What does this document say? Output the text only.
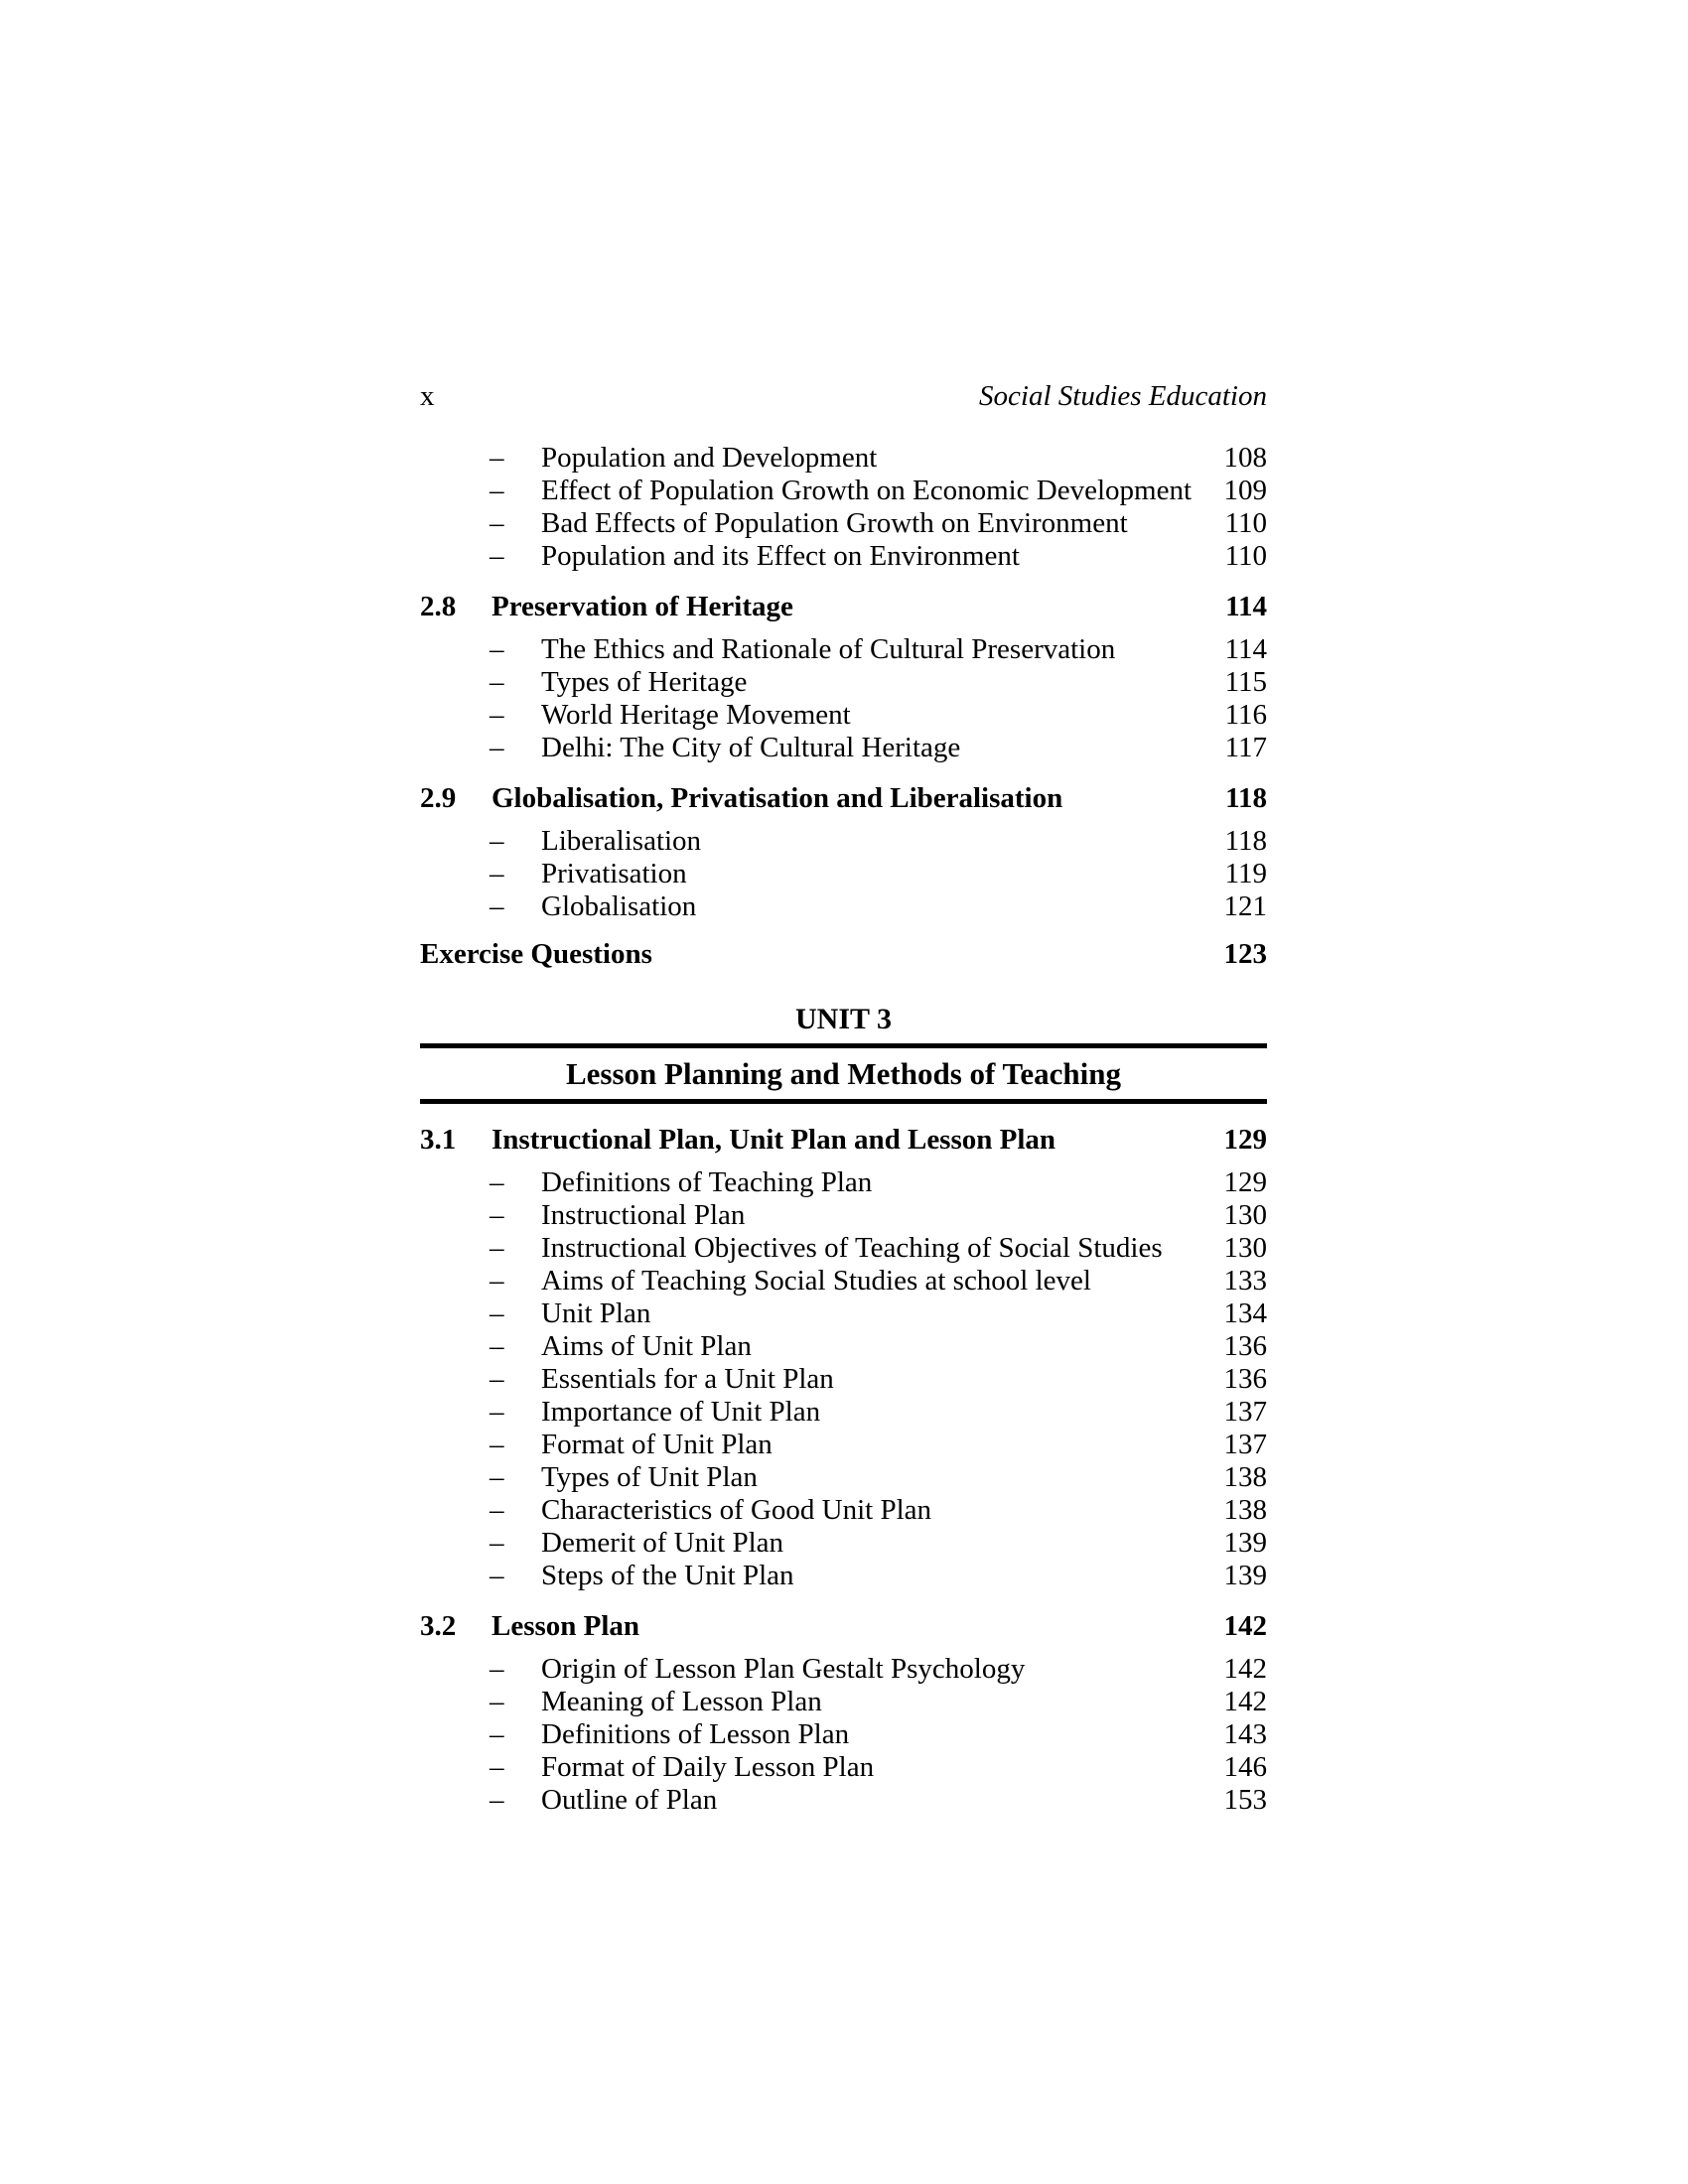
x	Social Studies Education
–	Population and Development	108
–	Effect of Population Growth on Economic Development	109
–	Bad Effects of Population Growth on Environment	110
–	Population and its Effect on Environment	110
2.8	Preservation of Heritage	114
–	The Ethics and Rationale of Cultural Preservation	114
–	Types of Heritage	115
–	World Heritage Movement	116
–	Delhi: The City of Cultural Heritage	117
2.9	Globalisation, Privatisation and Liberalisation	118
–	Liberalisation	118
–	Privatisation	119
–	Globalisation	121
Exercise Questions	123
UNIT 3
Lesson Planning and Methods of Teaching
3.1	Instructional Plan, Unit Plan and Lesson Plan	129
–	Definitions of Teaching Plan	129
–	Instructional Plan	130
–	Instructional Objectives of Teaching of Social Studies	130
–	Aims of Teaching Social Studies at school level	133
–	Unit Plan	134
–	Aims of Unit Plan	136
–	Essentials for a Unit Plan	136
–	Importance of Unit Plan	137
–	Format of Unit Plan	137
–	Types of Unit Plan	138
–	Characteristics of Good Unit Plan	138
–	Demerit of Unit Plan	139
–	Steps of the Unit Plan	139
3.2	Lesson Plan	142
–	Origin of Lesson Plan Gestalt Psychology	142
–	Meaning of Lesson Plan	142
–	Definitions of Lesson Plan	143
–	Format of Daily Lesson Plan	146
–	Outline of Plan	153
